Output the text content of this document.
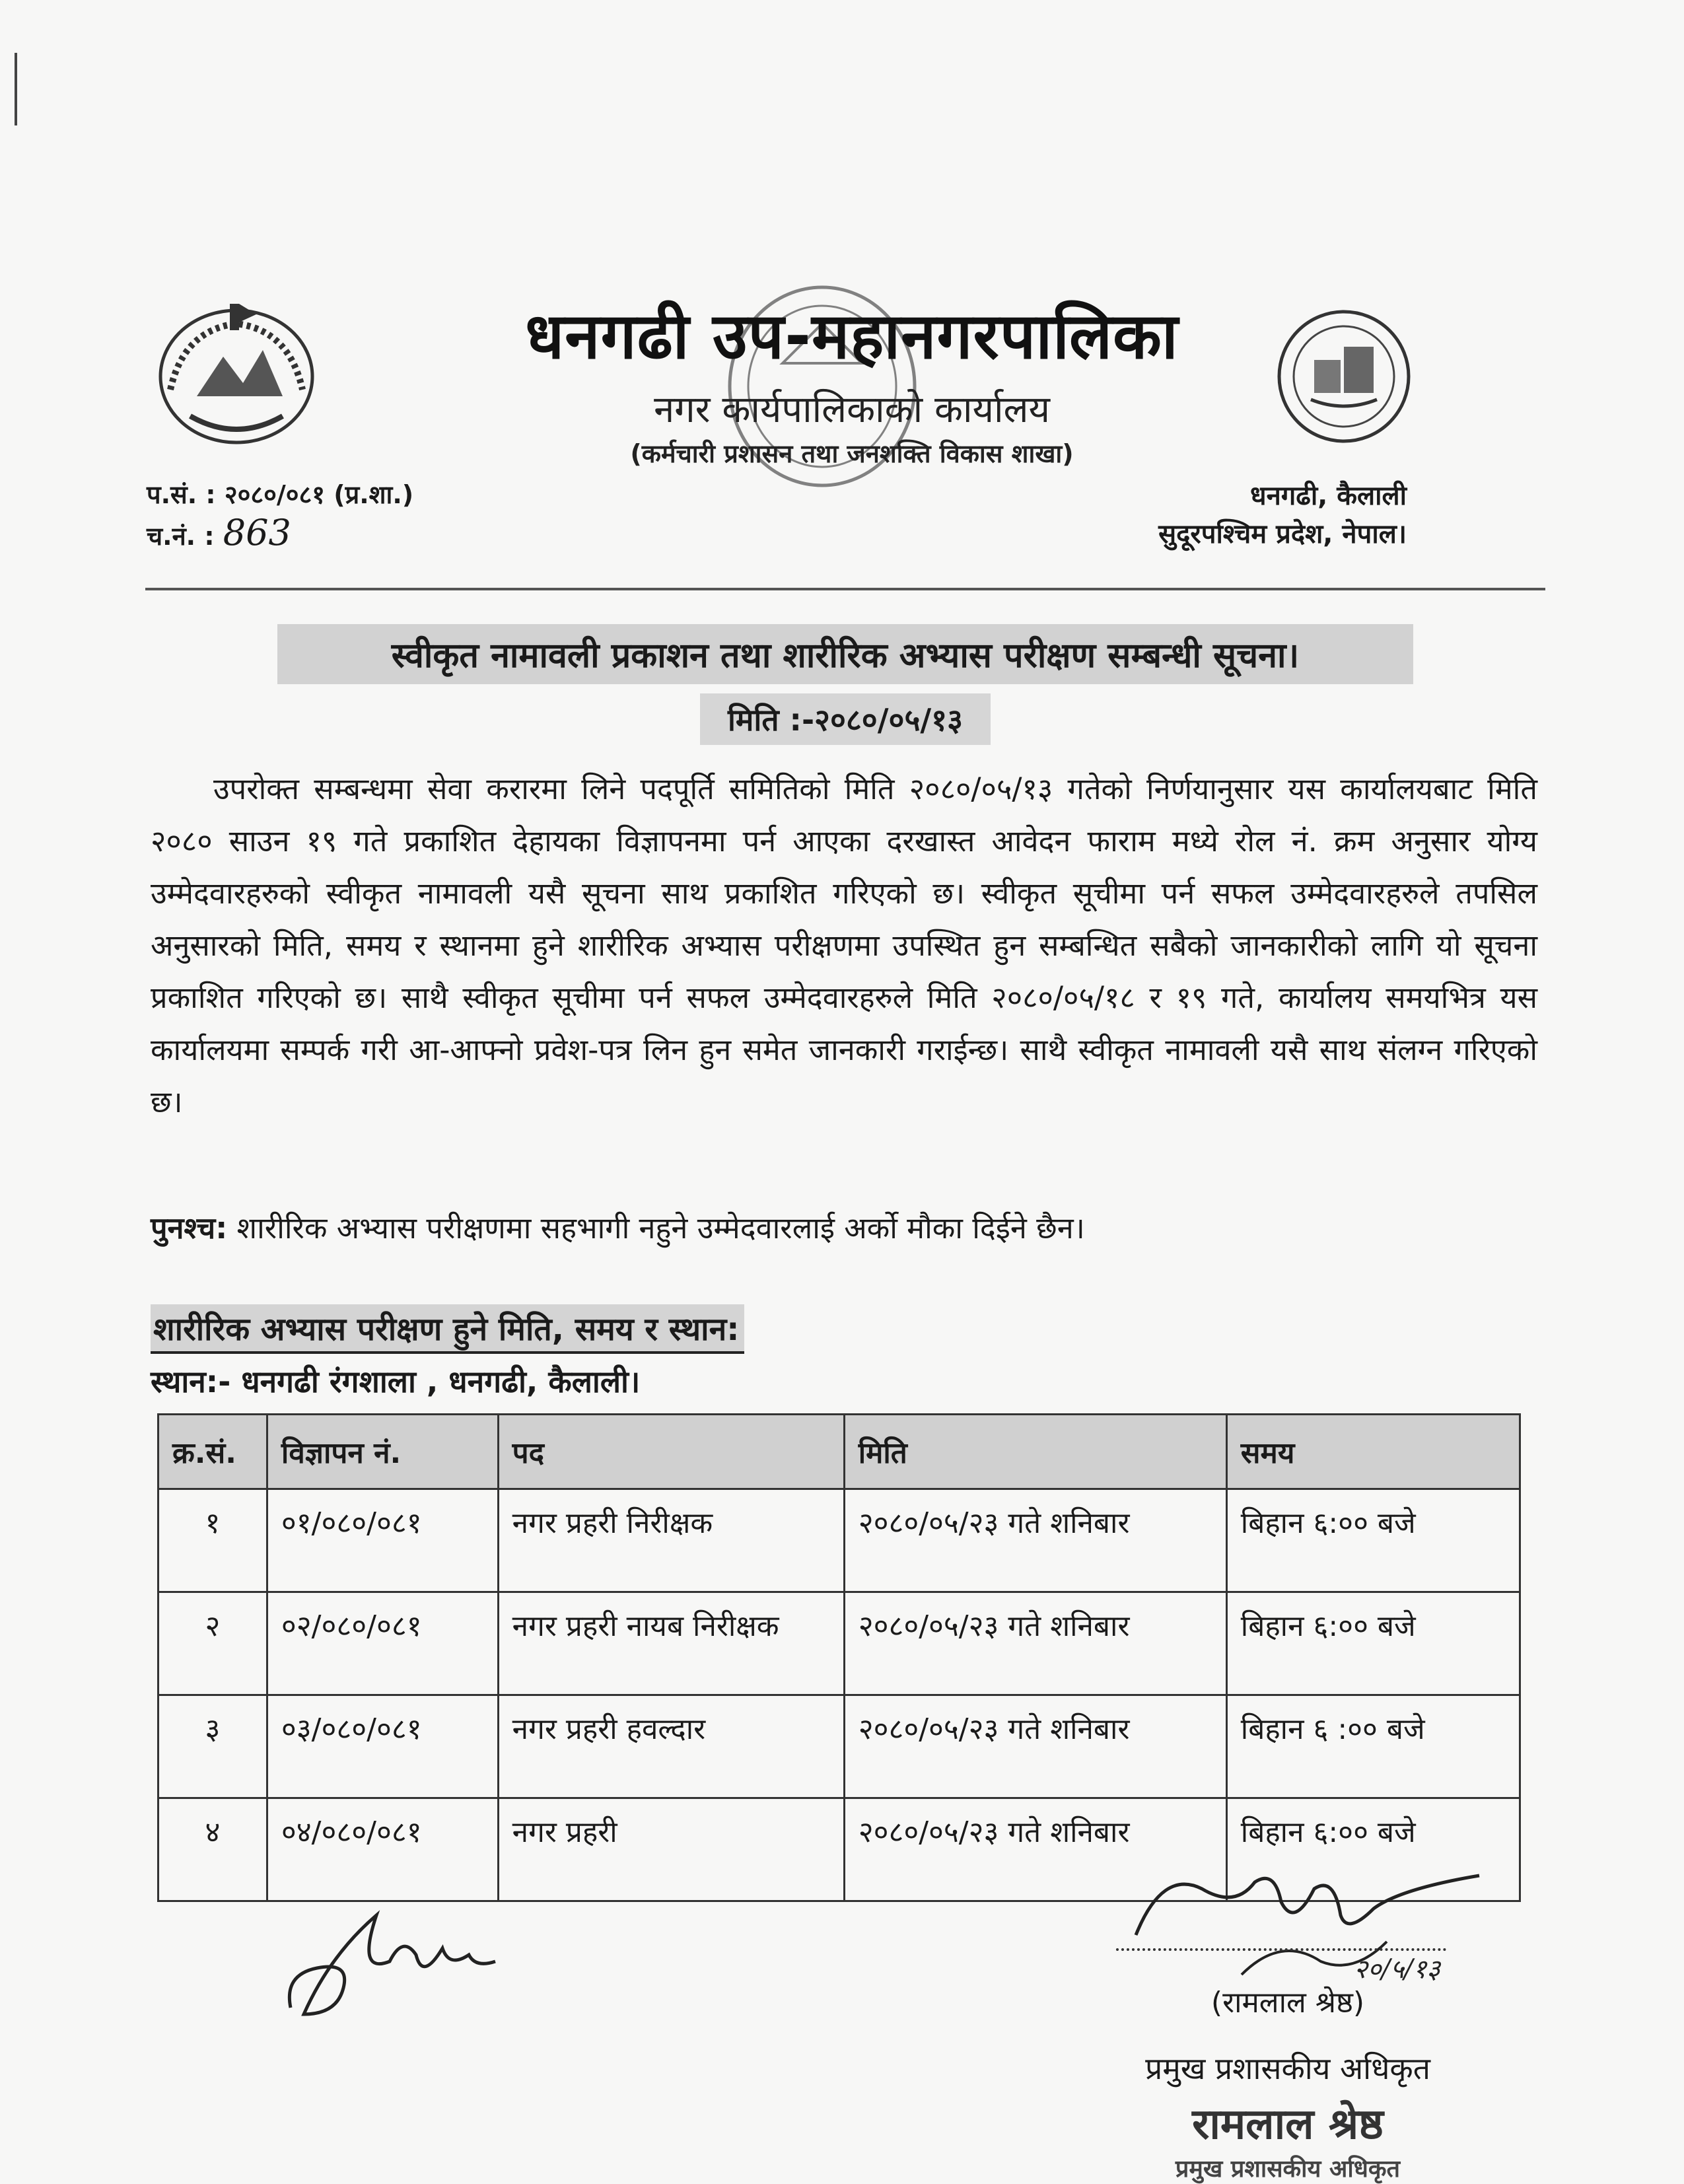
धनगढी उप-महानगरपालिका
नगर कार्यपालिकाको कार्यालय
(कर्मचारी प्रशासन तथा जनशक्ति विकास शाखा)
प.सं. : २०८०/०८१ (प्र.शा.)
च.नं. : 863
धनगढी, कैलाली
सुदूरपश्चिम प्रदेश, नेपाल।
स्वीकृत नामावली प्रकाशन तथा शारीरिक अभ्यास परीक्षण सम्बन्धी सूचना।
मिति :-२०८०/०५/१३
उपरोक्त सम्बन्धमा सेवा करारमा लिने पदपूर्ति समितिको मिति २०८०/०५/१३ गतेको निर्णयानुसार यस कार्यालयबाट मिति २०८० साउन १९ गते प्रकाशित देहायका विज्ञापनमा पर्न आएका दरखास्त आवेदन फाराम मध्ये रोल नं. क्रम अनुसार योग्य उम्मेदवारहरुको स्वीकृत नामावली यसै सूचना साथ प्रकाशित गरिएको छ। स्वीकृत सूचीमा पर्न सफल उम्मेदवारहरुले तपसिल अनुसारको मिति, समय र स्थानमा हुने शारीरिक अभ्यास परीक्षणमा उपस्थित हुन सम्बन्धित सबैको जानकारीको लागि यो सूचना प्रकाशित गरिएको छ। साथै स्वीकृत सूचीमा पर्न सफल उम्मेदवारहरुले मिति २०८०/०५/१८ र १९ गते, कार्यालय समयभित्र यस कार्यालयमा सम्पर्क गरी आ-आफ्नो प्रवेश-पत्र लिन हुन समेत जानकारी गराईन्छ। साथै स्वीकृत नामावली यसै साथ संलग्न गरिएको छ।
पुनश्च: शारीरिक अभ्यास परीक्षणमा सहभागी नहुने उम्मेदवारलाई अर्को मौका दिईने छैन।
शारीरिक अभ्यास परीक्षण हुने मिति, समय र स्थान:
स्थान:- धनगढी रंगशाला , धनगढी, कैलाली।
क्र.सं.	विज्ञापन नं.	पद	मिति	समय
१	०१/०८०/०८१	नगर प्रहरी निरीक्षक	२०८०/०५/२३ गते शनिबार	बिहान ६:०० बजे
२	०२/०८०/०८१	नगर प्रहरी नायब निरीक्षक	२०८०/०५/२३ गते शनिबार	बिहान ६:०० बजे
३	०३/०८०/०८१	नगर प्रहरी हवल्दार	२०८०/०५/२३ गते शनिबार	बिहान ६ :०० बजे
४	०४/०८०/०८१	नगर प्रहरी	२०८०/०५/२३ गते शनिबार	बिहान ६:०० बजे
२०/५/१३
(रामलाल श्रेष्ठ)
प्रमुख प्रशासकीय अधिकृत
रामलाल श्रेष्ठ
प्रमुख प्रशासकीय अधिकृत
